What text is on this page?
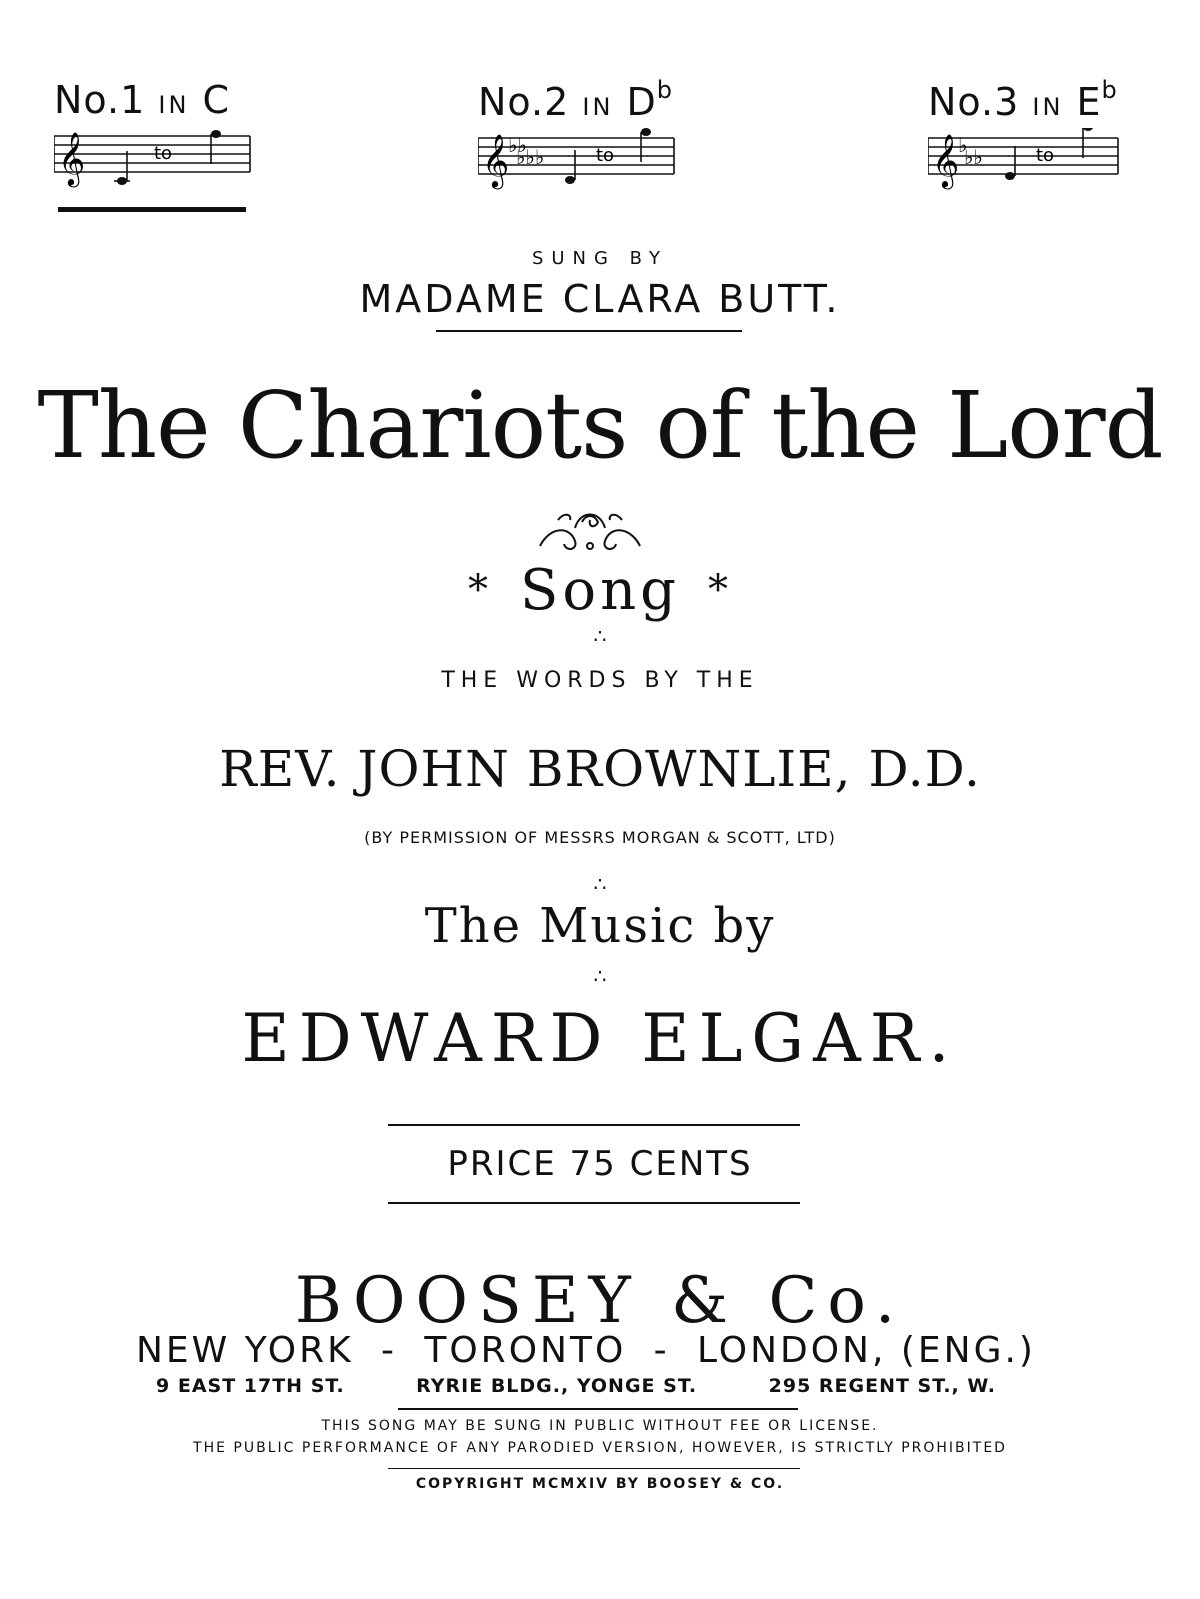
No.1 IN C
𝄞	to
No.2 IN $D^b$
𝄞
♭♭
♭♭♭	to
No.3 IN $E^b$
𝄞
♭
♭♭	to
SUNG BY
MADAME CLARA BUTT.
The Chariots of the Lord
* Song *
∴
THE WORDS BY THE
REV. JOHN BROWNLIE, D.D.
(BY PERMISSION OF MESSRS MORGAN & SCOTT, LTD)
∴
The Music by
∴
EDWARD ELGAR.
PRICE 75 CENTS
BOOSEY & Co.
NEW YORK - TORONTO - LONDON, (ENG.)
9 EAST 17TH ST.	RYRIE BLDG., YONGE ST.	295 REGENT ST., W.
THIS SONG MAY BE SUNG IN PUBLIC WITHOUT FEE OR LICENSE.
THE PUBLIC PERFORMANCE OF ANY PARODIED VERSION, HOWEVER, IS STRICTLY PROHIBITED
COPYRIGHT MCMXIV BY BOOSEY & CO.
